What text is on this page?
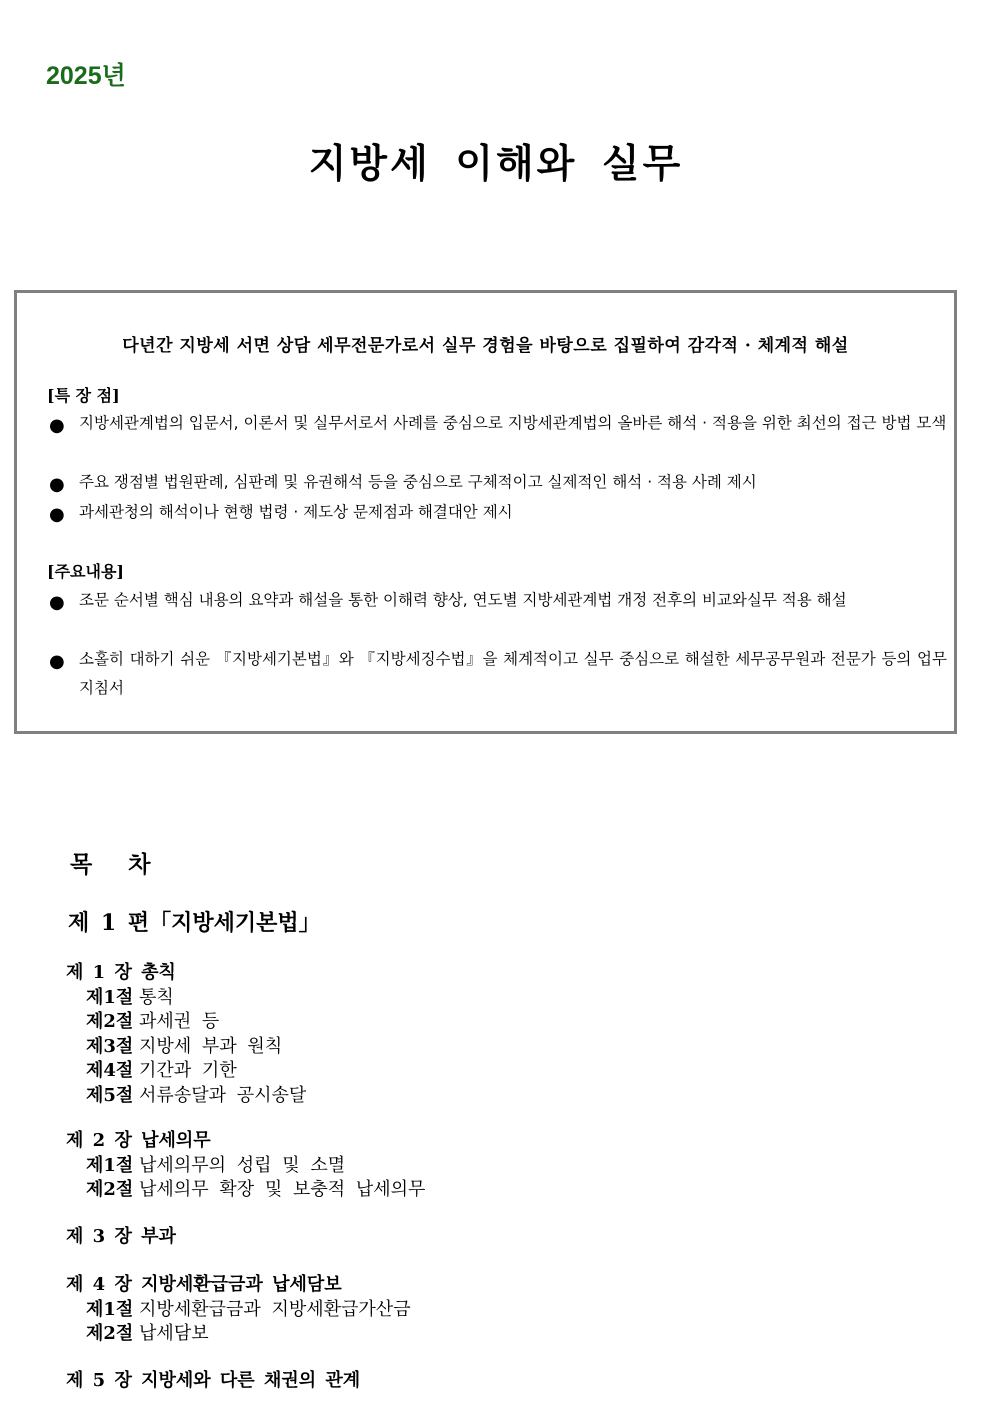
2025년
지방세 이해와 실무
다년간 지방세 서면 상담 세무전문가로서 실무 경험을 바탕으로 집필하여 감각적 · 체계적 해설
[특 장 점]
● 지방세관계법의 입문서, 이론서 및 실무서로서 사례를 중심으로 지방세관계법의 올바른 해석 · 적용을 위한 최선의 접근 방법 모색
● 주요 쟁점별 법원판례, 심판례 및 유권해석 등을 중심으로 구체적이고 실제적인 해석 · 적용 사례 제시
● 과세관청의 해석이나 현행 법령 · 제도상 문제점과 해결대안 제시
[주요내용]
● 조문 순서별 핵심 내용의 요약과 해설을 통한 이해력 향상, 연도별 지방세관계법 개정 전후의 비교와실무 적용 해설
● 소홀히 대하기 쉬운 『지방세기본법』와 『지방세징수법』을 체계적이고 실무 중심으로 해설한 세무공무원과 전문가 등의 업무지침서
목 차
제 1 편「지방세기본법」
제 1 장 총칙
제1절 통칙
제2절 과세권 등
제3절 지방세 부과 원칙
제4절 기간과 기한
제5절 서류송달과 공시송달
제 2 장 납세의무
제1절 납세의무의 성립 및 소멸
제2절 납세의무 확장 및 보충적 납세의무
제 3 장 부과
제 4 장 지방세환급금과 납세담보
제1절 지방세환급금과 지방세환급가산금
제2절 납세담보
제 5 장 지방세와 다른 채권의 관계
